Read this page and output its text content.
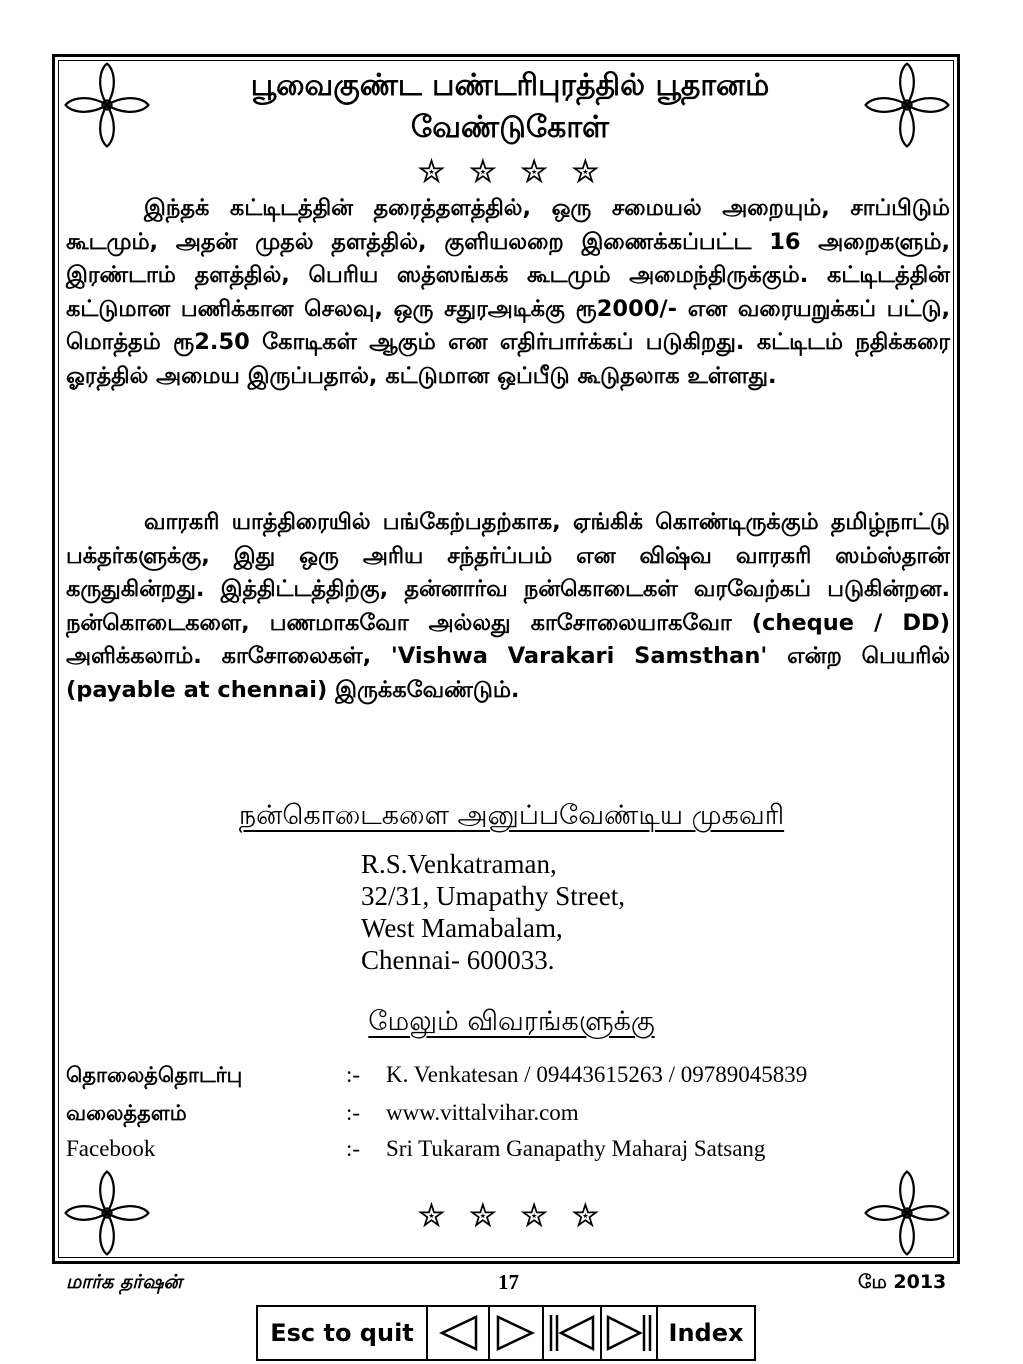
பூவைகுண்ட பண்டரிபுரத்தில் பூதானம்
வேண்டுகோள்
✮ ✮ ✮ ✮

இந்தக் கட்டிடத்தின் தரைத்தளத்தில், ஒரு சமையல் அறையும், சாப்பிடும் கூடமும், அதன் முதல் தளத்தில், குளியலறை இணைக்கப்பட்ட 16 அறைகளும், இரண்டாம் தளத்தில், பெரிய ஸத்ஸங்கக் கூடமும் அமைந்திருக்கும். கட்டிடத்தின் கட்டுமான பணிக்கான செலவு, ஒரு சதுரஅடிக்கு ரூ2000/- என வரையறுக்கப் பட்டு, மொத்தம் ரூ2.50 கோடிகள் ஆகும் என எதிர்பார்க்கப் படுகிறது. கட்டிடம் நதிக்கரை ஓரத்தில் அமைய இருப்பதால், கட்டுமான ஒப்பீடு கூடுதலாக உள்ளது.

வாரகரி யாத்திரையில் பங்கேற்பதற்காக, ஏங்கிக் கொண்டிருக்கும் தமிழ்நாட்டு பக்தர்களுக்கு, இது ஒரு அரிய சந்தர்ப்பம் என விஷ்வ வாரகரி ஸம்ஸ்தான் கருதுகின்றது. இத்திட்டத்திற்கு, தன்னார்வ நன்கொடைகள் வரவேற்கப் படுகின்றன. நன்கொடைகளை, பணமாகவோ அல்லது காசோலையாகவோ (cheque / DD) அளிக்கலாம். காசோலைகள், 'Vishwa Varakari Samsthan' என்ற பெயரில் (payable at chennai) இருக்கவேண்டும்.

நன்கொடைகளை அனுப்பவேண்டிய முகவரி
R.S.Venkatraman,
32/31, Umapathy Street,
West Mamabalam,
Chennai- 600033.
மேலும் விவரங்களுக்கு
தொலைத்தொடர்பு	:- K. Venkatesan / 09443615263 / 09789045839
வலைத்தளம்	:- www.vittalvihar.com
Facebook	:- Sri Tukaram Ganapathy Maharaj Satsang
✮ ✮ ✮ ✮
மார்க தர்ஷன்	17	மே 2013
Esc to quit	Index
